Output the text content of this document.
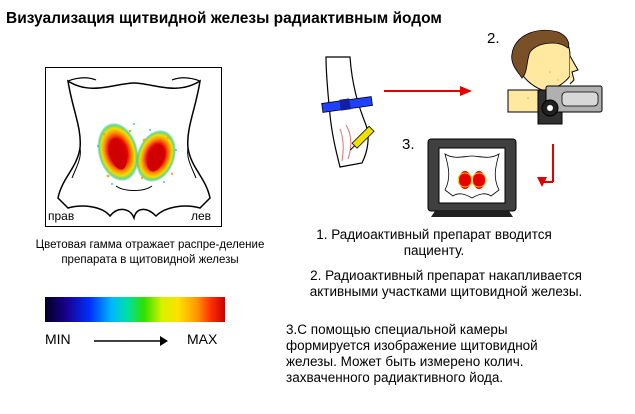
Визуализация щитвидной железы радиактивным йодом
прав	лев
Цветовая гамма отражает распре-деление препарата в щитовидной железы
MIN	MAX
2.
3.
1. Радиоактивный препарат вводится пациенту.
2. Радиоактивный препарат накапливается активными участками щитовидной железы.
3.С помощью специальной камеры формируется изображение щитовидной железы. Может быть измерено колич. захваченного радиактивного йода.
